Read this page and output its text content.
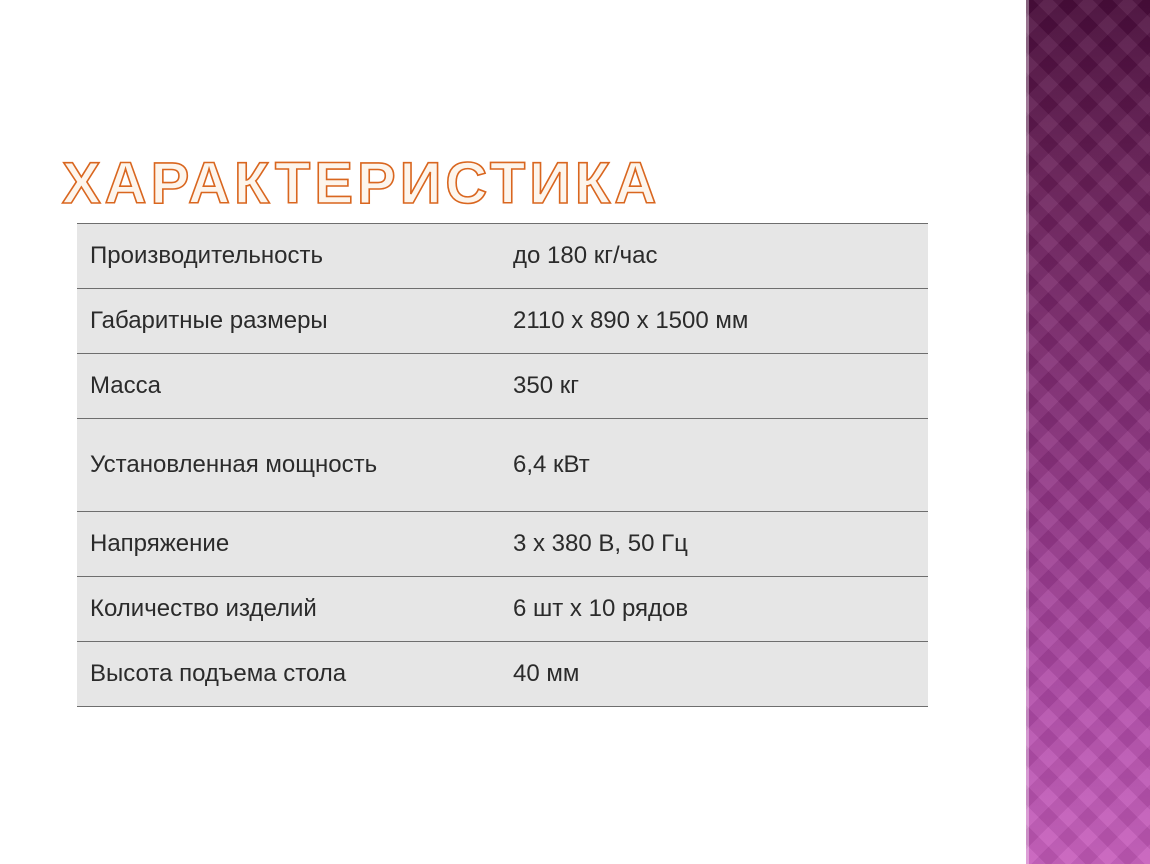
ХАРАКТЕРИСТИКА
Производительность	до 180 кг/час
Габаритные размеры	2110 х 890 х 1500 мм
Масса	350 кг
Установленная мощность	6,4 кВт
Напряжение	3 х 380 В, 50 Гц
Количество изделий	6 шт х 10 рядов
Высота подъема стола	40 мм
